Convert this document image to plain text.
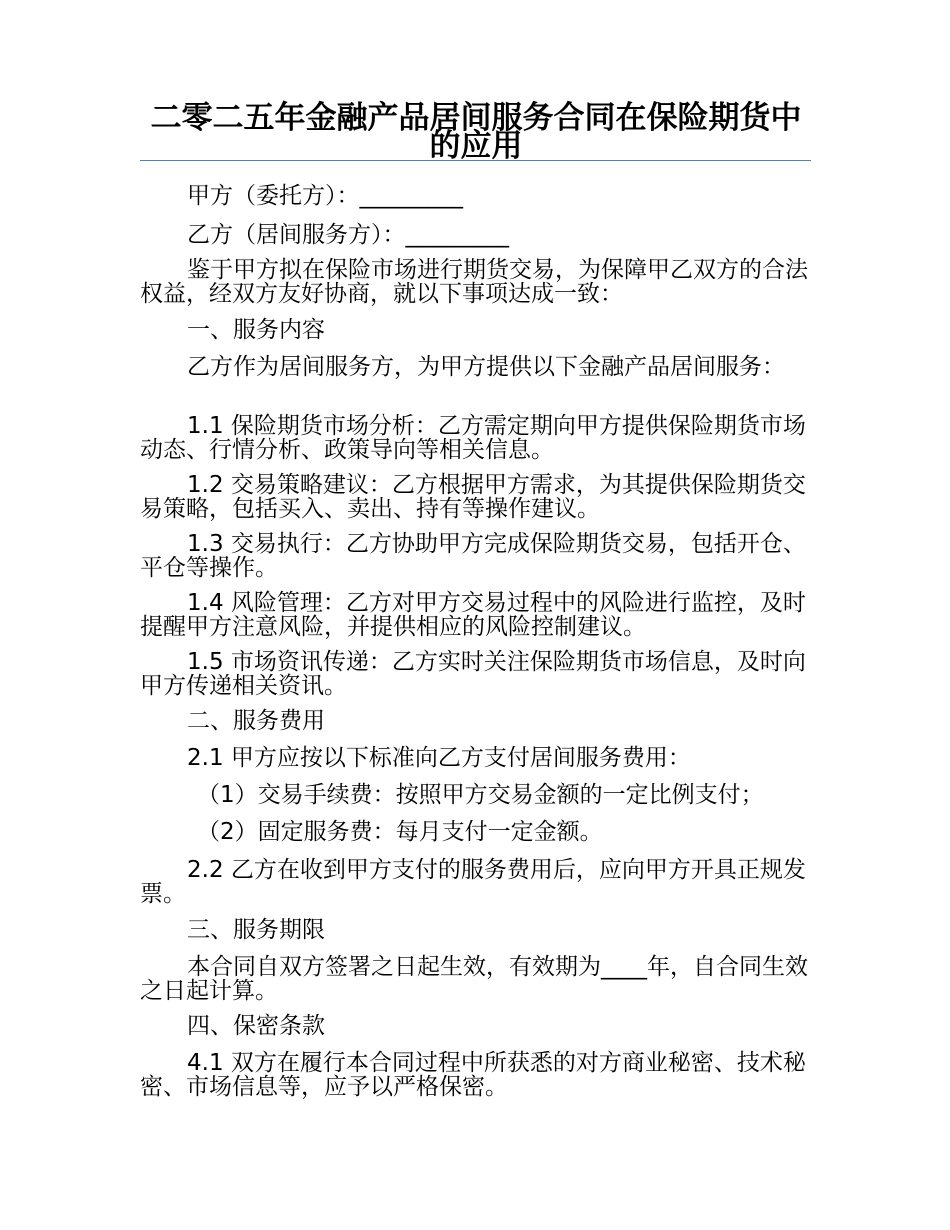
二零二五年金融产品居间服务合同在保险期货中的应用
甲方（委托方）：_________
乙方（居间服务方）：_________
鉴于甲方拟在保险市场进行期货交易，为保障甲乙双方的合法权益，经双方友好协商，就以下事项达成一致：
一、服务内容
乙方作为居间服务方，为甲方提供以下金融产品居间服务：
1.1 保险期货市场分析：乙方需定期向甲方提供保险期货市场动态、行情分析、政策导向等相关信息。
1.2 交易策略建议：乙方根据甲方需求，为其提供保险期货交易策略，包括买入、卖出、持有等操作建议。
1.3 交易执行：乙方协助甲方完成保险期货交易，包括开仓、平仓等操作。
1.4 风险管理：乙方对甲方交易过程中的风险进行监控，及时提醒甲方注意风险，并提供相应的风险控制建议。
1.5 市场资讯传递：乙方实时关注保险期货市场信息，及时向甲方传递相关资讯。
二、服务费用
2.1 甲方应按以下标准向乙方支付居间服务费用：
（1）交易手续费：按照甲方交易金额的一定比例支付；
（2）固定服务费：每月支付一定金额。
2.2 乙方在收到甲方支付的服务费用后，应向甲方开具正规发票。
三、服务期限
本合同自双方签署之日起生效，有效期为____年，自合同生效之日起计算。
四、保密条款
4.1 双方在履行本合同过程中所获悉的对方商业秘密、技术秘密、市场信息等，应予以严格保密。
